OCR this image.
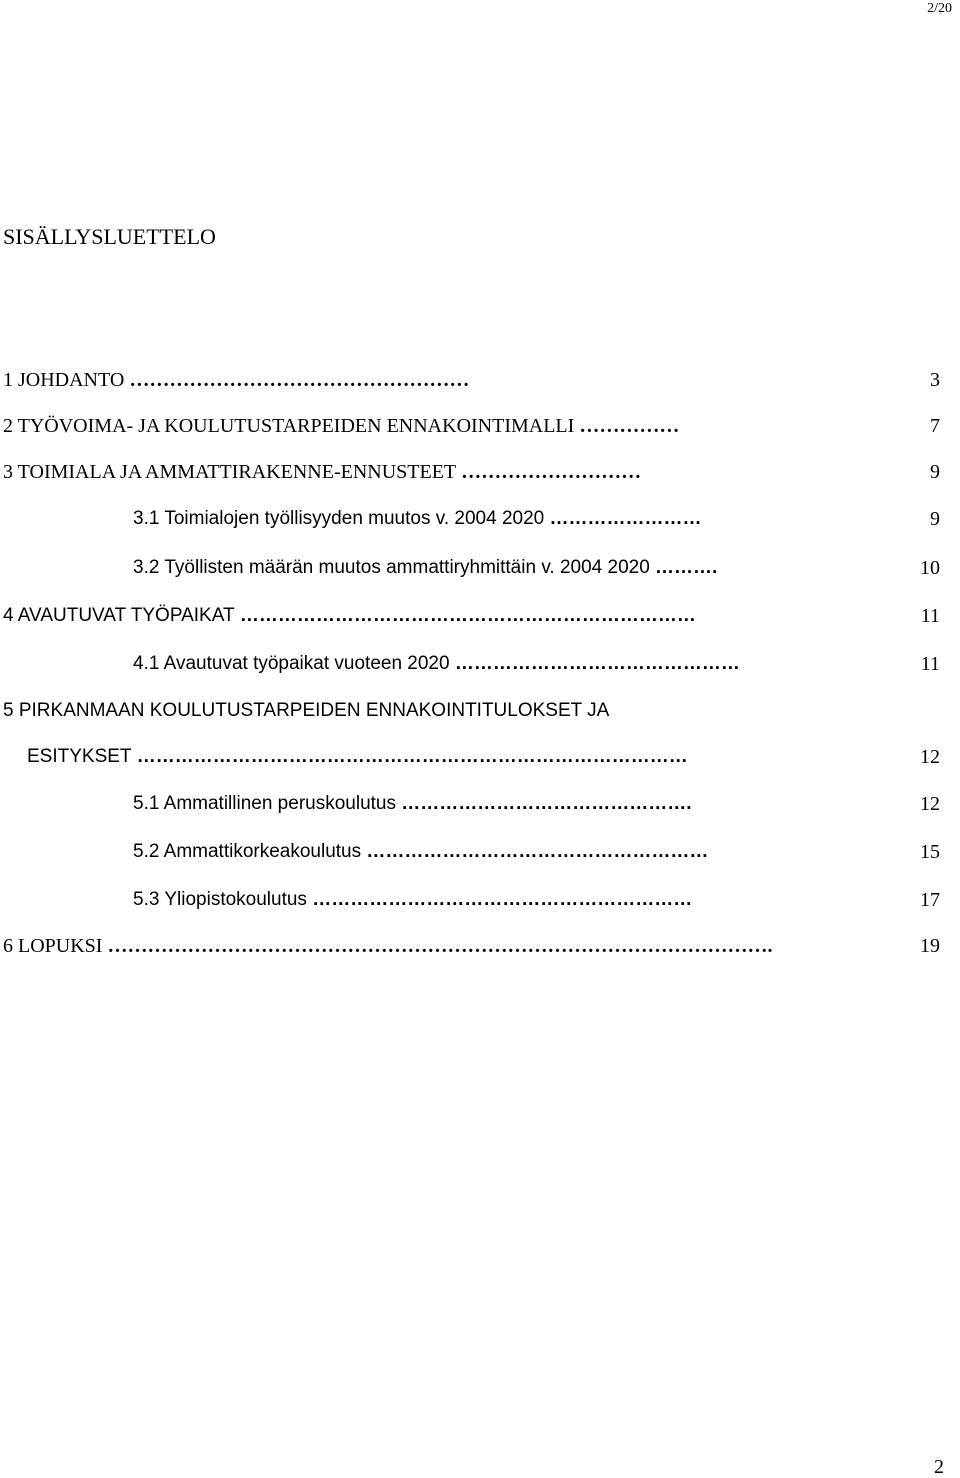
2/20
SISÄLLYSLUETTELO
1 JOHDANTO ……………………………………………	3
2 TYÖVOIMA- JA KOULUTUSTARPEIDEN ENNAKOINTIMALLI ……………	7
3 TOIMIALA JA AMMATTIRAKENNE-ENNUSTEET ………………………	9
3.1 Toimialojen työllisyyden muutos v. 2004 2020 ……………………	9
3.2 Työllisten määrän muutos ammattiryhmittäin v. 2004 2020 ……….	10
4 AVAUTUVAT TYÖPAIKAT ………………………………………………………………	11
4.1 Avautuvat työpaikat vuoteen 2020 ………………………………………	11
5 PIRKANMAAN KOULUTUSTARPEIDEN ENNAKOINTITULOKSET JA
ESITYKSET ……………………………………………………………………………	12
5.1 Ammatillinen peruskoulutus ……………………………………….	12
5.2 Ammattikorkeakoulutus ………………………………………………	15
5.3 Yliopistokoulutus ……………………………………………………	17
6 LOPUKSI ……………………………………………………………………………………….	19
2
